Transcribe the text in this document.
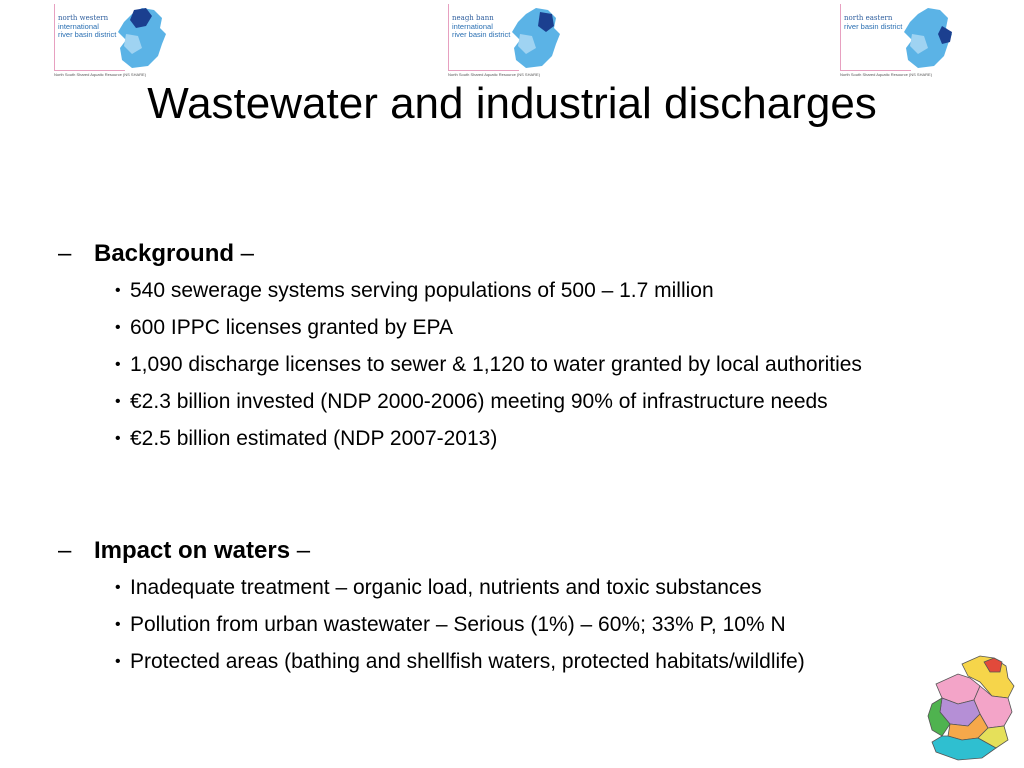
north western
international
river basin district
North South Shared Aquatic Resource (NS SHARE)
neagh bann
international
river basin district
North South Shared Aquatic Resource (NS SHARE)
north eastern
river basin district
North South Shared Aquatic Resource (NS SHARE)
Wastewater and industrial discharges
– Background –
• 540 sewerage systems serving populations of 500 – 1.7 million
• 600 IPPC licenses granted by EPA
• 1,090 discharge licenses to sewer & 1,120 to water granted by local authorities
• €2.3 billion invested (NDP 2000-2006) meeting 90% of infrastructure needs
• €2.5 billion estimated (NDP 2007-2013)
– Impact on waters –
• Inadequate treatment – organic load, nutrients and toxic substances
• Pollution from urban wastewater – Serious (1%) – 60%; 33% P, 10% N
• Protected areas (bathing and shellfish waters, protected habitats/wildlife)
